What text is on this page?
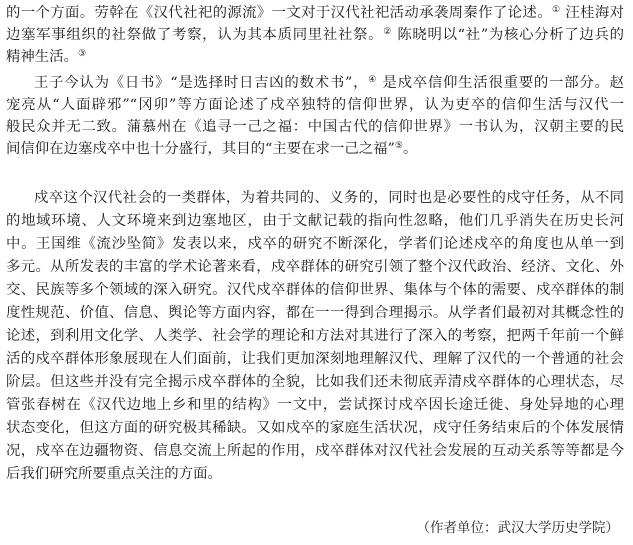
的一个方面。劳幹在《汉代社祀的源流》一文对于汉代社祀活动承袭周秦作了论述。① 汪桂海对
边塞军事组织的社祭做了考察，认为其本质同里社社祭。② 陈晓明以“社”为核心分析了边兵的
精神生活。③
王子今认为《日书》“是选择时日吉凶的数术书”，④ 是戍卒信仰生活很重要的一部分。赵
宠亮从“人面辟邪”“冈卯”等方面论述了戍卒独特的信仰世界，认为吏卒的信仰生活与汉代一
般民众并无二致。蒲慕州在《追寻一己之福：中国古代的信仰世界》一书认为，汉朝主要的民
间信仰在边塞戍卒中也十分盛行，其目的“主要在求一己之福”⑤。
戍卒这个汉代社会的一类群体，为着共同的、义务的，同时也是必要性的戍守任务，从不同
的地域环境、人文环境来到边塞地区，由于文献记载的指向性忽略，他们几乎消失在历史长河
中。王国维《流沙坠简》发表以来，戍卒的研究不断深化，学者们论述戍卒的角度也从单一到
多元。从所发表的丰富的学术论著来看，戍卒群体的研究引领了整个汉代政治、经济、文化、外
交、民族等多个领域的深入研究。汉代戍卒群体的信仰世界、集体与个体的需要、戍卒群体的制
度性规范、价值、信息、舆论等方面内容，都在一一得到合理揭示。从学者们最初对其概念性的
论述，到利用文化学、人类学、社会学的理论和方法对其进行了深入的考察，把两千年前一个鲜
活的戍卒群体形象展现在人们面前，让我们更加深刻地理解汉代、理解了汉代的一个普通的社会
阶层。但这些并没有完全揭示戍卒群体的全貌，比如我们还未彻底弄清戍卒群体的心理状态，尽
管张春树在《汉代边地上乡和里的结构》一文中，尝试探讨戍卒因长途迁徙、身处异地的心理
状态变化，但这方面的研究极其稀缺。又如戍卒的家庭生活状况，戍守任务结束后的个体发展情
况，戍卒在边疆物资、信息交流上所起的作用，戍卒群体对汉代社会发展的互动关系等等都是今
后我们研究所要重点关注的方面。
（作者单位：武汉大学历史学院）
